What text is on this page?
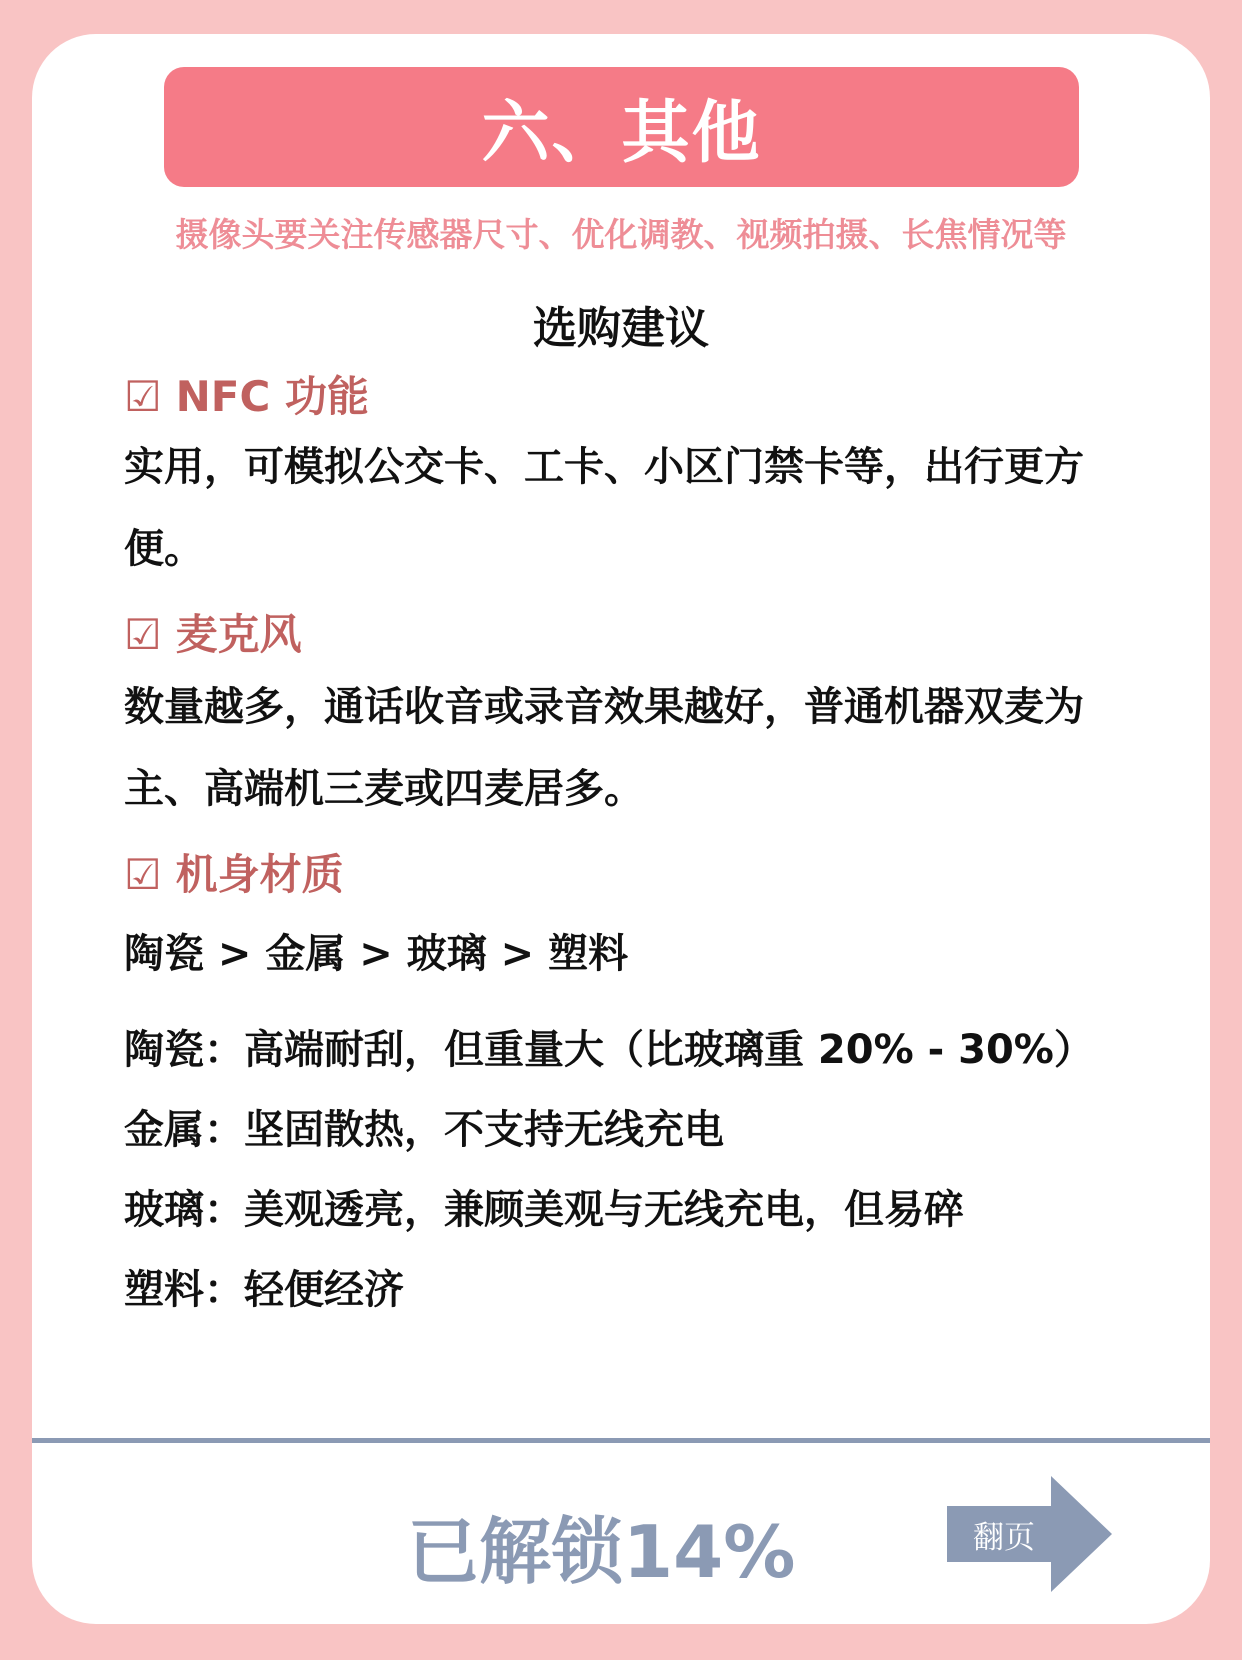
六、其他
摄像头要关注传感器尺寸、优化调教、视频拍摄、长焦情况等
选购建议
☑ NFC 功能
实用，可模拟公交卡、工卡、小区门禁卡等，出行更方便。
☑ 麦克风
数量越多，通话收音或录音效果越好，普通机器双麦为主、高端机三麦或四麦居多。
☑ 机身材质
陶瓷 > 金属 > 玻璃 > 塑料
陶瓷：高端耐刮，但重量大（比玻璃重 20% - 30%）
金属：坚固散热，不支持无线充电
玻璃：美观透亮，兼顾美观与无线充电，但易碎
塑料：轻便经济
已解锁14%	翻页
